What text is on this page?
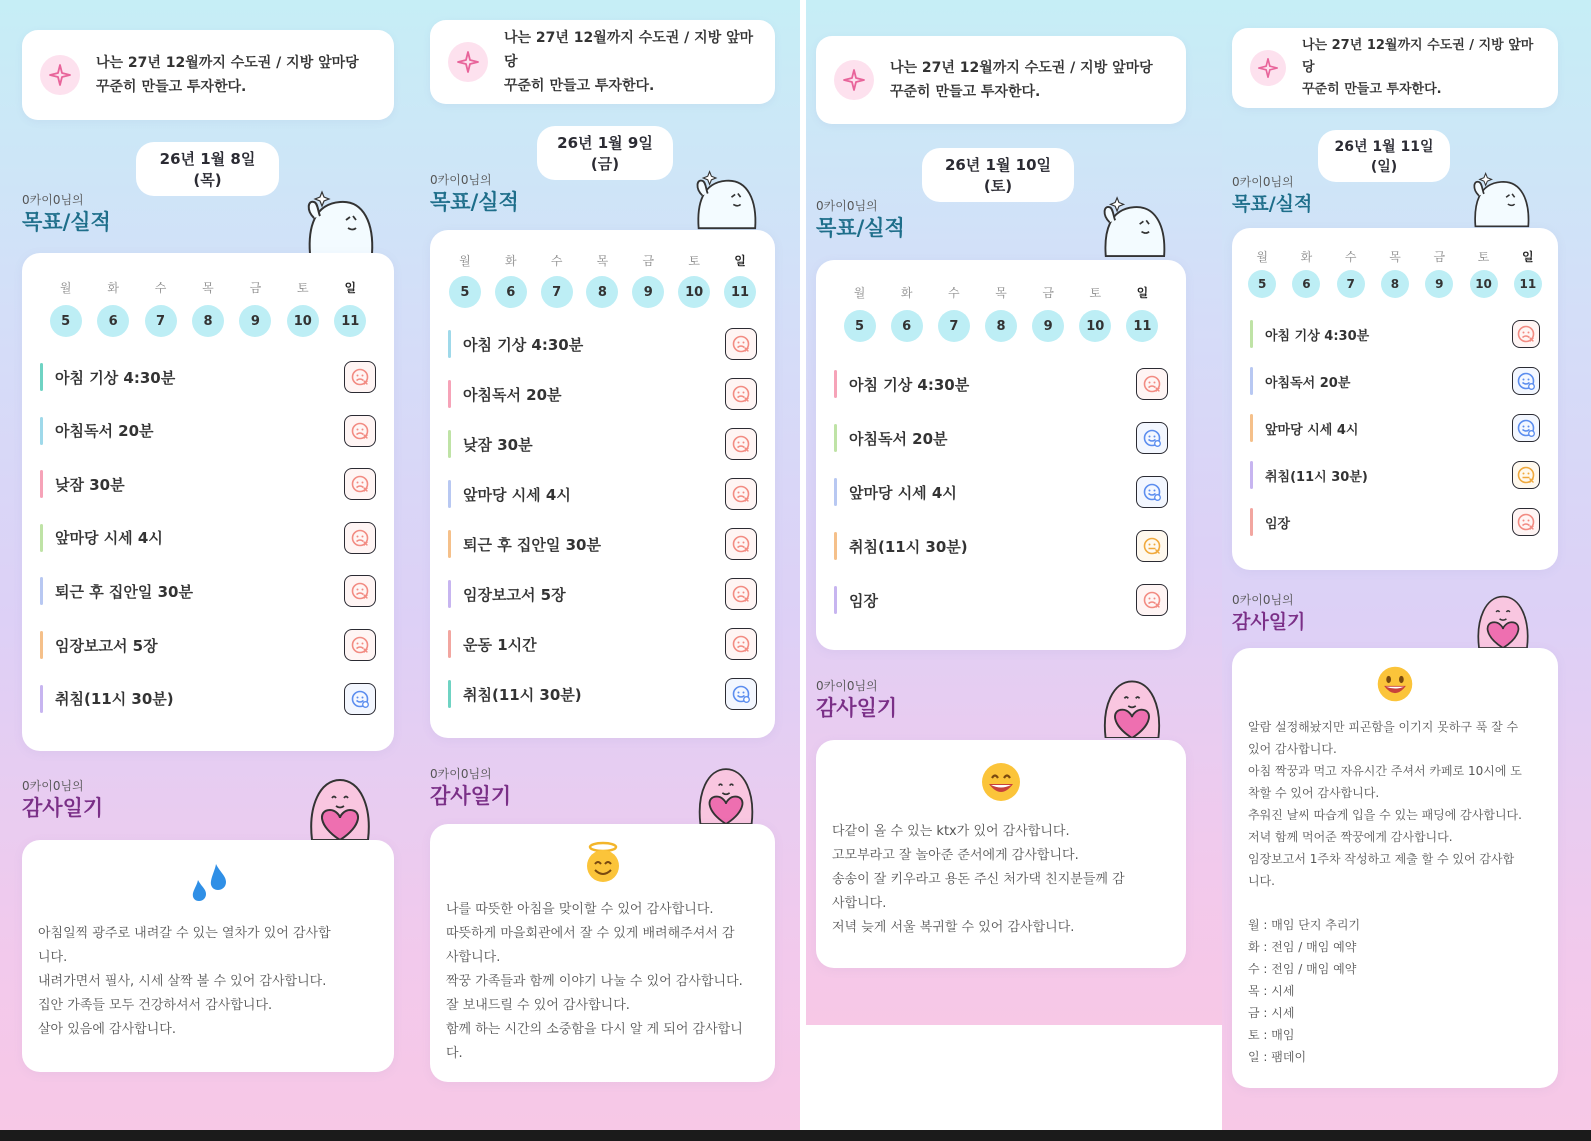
나는 27년 12월까지 수도권 / 지방 앞마당
꾸준히 만들고 투자한다.
26년 1월 8일(목)
0카이0님의
목표/실적
월	화	수	목	금	토	일
5	6	7	8	9	10	11
아침 기상 4:30분
아침독서 20분
낮잠 30분
앞마당 시세 4시
퇴근 후 집안일 30분
임장보고서 5장
취침(11시 30분)
0카이0님의
감사일기
아침일찍 광주로 내려갈 수 있는 열차가 있어 감사합
니다.
내려가면서 필사, 시세 살짝 볼 수 있어 감사합니다.
집안 가족들 모두 건강하셔서 감사합니다.
살아 있음에 감사합니다.
나는 27년 12월까지 수도권 / 지방 앞마당
꾸준히 만들고 투자한다.
26년 1월 9일(금)
0카이0님의
목표/실적
월	화	수	목	금	토	일
5	6	7	8	9	10	11
아침 기상 4:30분
아침독서 20분
낮잠 30분
앞마당 시세 4시
퇴근 후 집안일 30분
임장보고서 5장
운동 1시간
취침(11시 30분)
0카이0님의
감사일기
나를 따뜻한 아침을 맞이할 수 있어 감사합니다.
따뜻하게 마을회관에서 잘 수 있게 배려해주셔서 감
사합니다.
짝꿍 가족들과 함께 이야기 나눌 수 있어 감사합니다.
잘 보내드릴 수 있어 감사합니다.
함께 하는 시간의 소중함을 다시 알 게 되어 감사합니
다.
나는 27년 12월까지 수도권 / 지방 앞마당
꾸준히 만들고 투자한다.
26년 1월 10일(토)
0카이0님의
목표/실적
월	화	수	목	금	토	일
5	6	7	8	9	10	11
아침 기상 4:30분
아침독서 20분
앞마당 시세 4시
취침(11시 30분)
임장
0카이0님의
감사일기
다같이 올 수 있는 ktx가 있어 감사합니다.
고모부라고 잘 놀아준 준서에게 감사합니다.
송송이 잘 키우라고 용돈 주신 처가댁 친지분들께 감
사합니다.
저녁 늦게 서울 복귀할 수 있어 감사합니다.
나는 27년 12월까지 수도권 / 지방 앞마당
꾸준히 만들고 투자한다.
26년 1월 11일(일)
0카이0님의
목표/실적
월	화	수	목	금	토	일
5	6	7	8	9	10	11
아침 기상 4:30분
아침독서 20분
앞마당 시세 4시
취침(11시 30분)
임장
0카이0님의
감사일기
알람 설정해놨지만 피곤함을 이기지 못하구 푹 잘 수
있어 감사합니다.
아침 짝꿍과 먹고 자유시간 주셔서 카페로 10시에 도
착할 수 있어 감사합니다.
추워진 날씨 따습게 입을 수 있는 패딩에 감사합니다.
저녁 함께 먹어준 짝꿍에게 감사합니다.
임장보고서 1주차 작성하고 제출 할 수 있어 감사합
니다.

월 : 매임 단지 추리기
화 : 전임 / 매임 예약
수 : 전임 / 매임 예약
목 : 시세
금 : 시세
토 : 매임
일 : 팸데이
